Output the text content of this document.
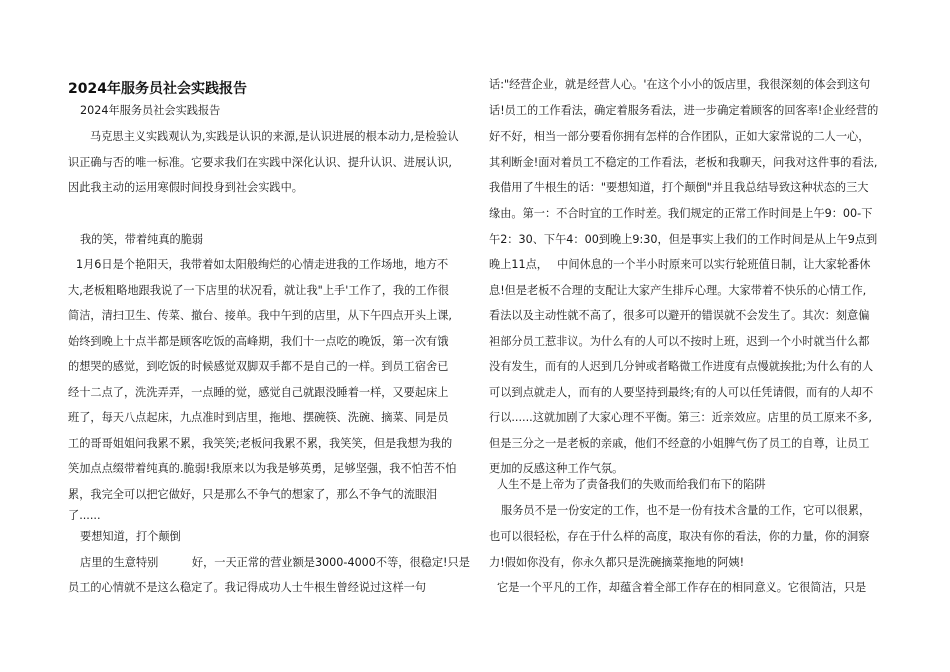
2024年服务员社会实践报告
2024年服务员社会实践报告
马克思主义实践观认为,实践是认识的来源,是认识进展的根本动力,是检验认
识正确与否的唯一标准。它要求我们在实践中深化认识、提升认识、进展认识,
因此我主动的运用寒假时间投身到社会实践中。
我的笑，带着纯真的脆弱
1月6日是个艳阳天，我带着如太阳般绚烂的心情走进我的工作场地，地方不
大,老板粗略地跟我说了一下店里的状况看，就让我"上手'工作了，我的工作很
简洁，清扫卫生、传菜、撤台、接单。我中午到的店里，从下午四点开头上课,
始终到晚上十点半都是顾客吃饭的高峰期，我们十一点吃的晚饭，第一次有饿
的想哭的感觉，到吃饭的时候感觉双脚双手都不是自己的一样。到员工宿舍已
经十二点了，洗洗弄弄，一点睡的觉，感觉自己就跟没睡着一样，又要起床上
班了，每天八点起床，九点准时到店里，拖地、摆碗筷、洗碗、摘菜、同是员
工的哥哥姐姐问我累不累，我笑笑;老板问我累不累，我笑笑，但是我想为我的
笑加点点缀带着纯真的.脆弱!我原来以为我是够英勇，足够坚强，我不怕苦不怕
累，我完全可以把它做好，只是那么不争气的想家了，那么不争气的流眼泪
了......
要想知道，打个颠倒
店里的生意特别　　　好，一天正常的营业额是3000-4000不等，很稳定!只是
员工的心情就不是这么稳定了。我记得成功人士牛根生曾经说过这样一句
话:"经营企业，就是经营人心。'在这个小小的饭店里，我很深刻的体会到这句
话!员工的工作看法，确定着服务看法，进一步确定着顾客的回客率!企业经营的
好不好，相当一部分要看你拥有怎样的合作团队，正如大家常说的二人一心，
其利断金!面对着员工不稳定的工作看法，老板和我聊天，问我对这件事的看法,
我借用了牛根生的话："要想知道，打个颠倒"并且我总结导致这种状态的三大
缘由。第一：不合时宜的工作时差。我们规定的正常工作时间是上午9：00-下
午2：30、下午4：00到晚上9:30，但是事实上我们的工作时间是从上午9点到
晚上11点，　 中间休息的一个半小时原来可以实行轮班值日制，让大家轮番休
息!但是老板不合理的支配让大家产生排斥心理。大家带着不快乐的心情工作,
看法以及主动性就不高了，很多可以避开的错误就不会发生了。其次：刻意偏
袒部分员工惹非议。为什么有的人可以不按时上班，迟到一个小时就当什么都
没有发生，而有的人迟到几分钟或者略微工作进度有点慢就挨批;为什么有的人
可以到点就走人，而有的人要坚持到最终;有的人可以任凭请假，而有的人却不
行以......这就加剧了大家心理不平衡。第三：近亲效应。店里的员工原来不多,
但是三分之一是老板的亲戚，他们不经意的小姐脾气伤了员工的自尊，让员工
更加的反感这种工作气氛。
人生不是上帝为了责备我们的失败而给我们布下的陷阱
服务员不是一份安定的工作，也不是一份有技术含量的工作，它可以很累，
也可以很轻松，存在于什么样的高度，取决有你的看法，你的力量，你的洞察
力!假如你没有，你永久都只是洗碗摘菜拖地的阿姨!
它是一个平凡的工作，却蕴含着全部工作存在的相同意义。它很简洁，只是
